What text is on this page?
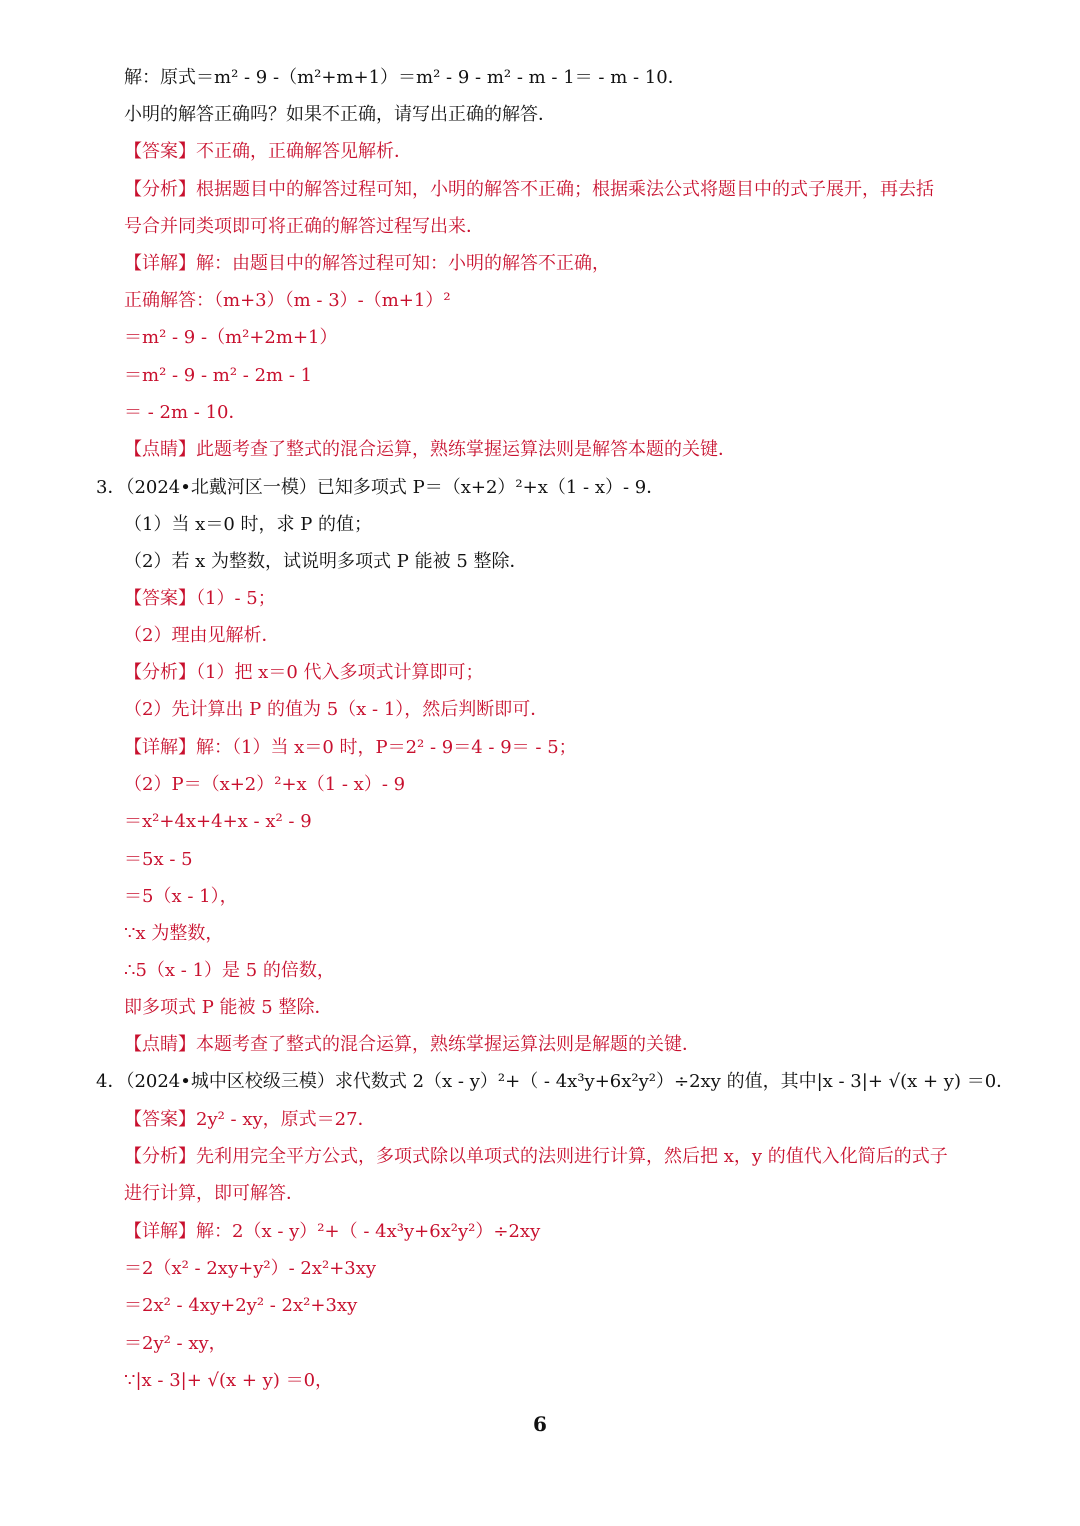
解：原式＝m² - 9 -（m²+m+1）＝m² - 9 - m² - m - 1＝ - m - 10．
小明的解答正确吗？如果不正确，请写出正确的解答．
【答案】不正确，正确解答见解析．
【分析】根据题目中的解答过程可知，小明的解答不正确；根据乘法公式将题目中的式子展开，再去括
号合并同类项即可将正确的解答过程写出来．
【详解】解：由题目中的解答过程可知：小明的解答不正确，
正确解答：（m+3）（m - 3）-（m+1）²
＝m² - 9 -（m²+2m+1）
＝m² - 9 - m² - 2m - 1
＝ - 2m - 10．
【点睛】此题考查了整式的混合运算，熟练掌握运算法则是解答本题的关键．
3．（2024•北戴河区一模）已知多项式 P＝（x+2）²+x（1 - x）- 9．
（1）当 x＝0 时，求 P 的值；
（2）若 x 为整数，试说明多项式 P 能被 5 整除．
【答案】（1）- 5；
（2）理由见解析．
【分析】（1）把 x＝0 代入多项式计算即可；
（2）先计算出 P 的值为 5（x - 1），然后判断即可．
【详解】解：（1）当 x＝0 时，P＝2² - 9＝4 - 9＝ - 5；
（2）P＝（x+2）²+x（1 - x）- 9
＝x²+4x+4+x - x² - 9
＝5x - 5
＝5（x - 1），
∵x 为整数，
∴5（x - 1）是 5 的倍数，
即多项式 P 能被 5 整除．
【点睛】本题考查了整式的混合运算，熟练掌握运算法则是解题的关键．
4．（2024•城中区校级三模）求代数式 2（x - y）²+（ - 4x³y+6x²y²）÷2xy 的值，其中|x - 3|+ √(x + y) ＝0．
【答案】2y² - xy，原式＝27．
【分析】先利用完全平方公式，多项式除以单项式的法则进行计算，然后把 x，y 的值代入化简后的式子
进行计算，即可解答．
【详解】解：2（x - y）²+（ - 4x³y+6x²y²）÷2xy
＝2（x² - 2xy+y²）- 2x²+3xy
＝2x² - 4xy+2y² - 2x²+3xy
＝2y² - xy，
∵|x - 3|+ √(x + y) ＝0，
6
